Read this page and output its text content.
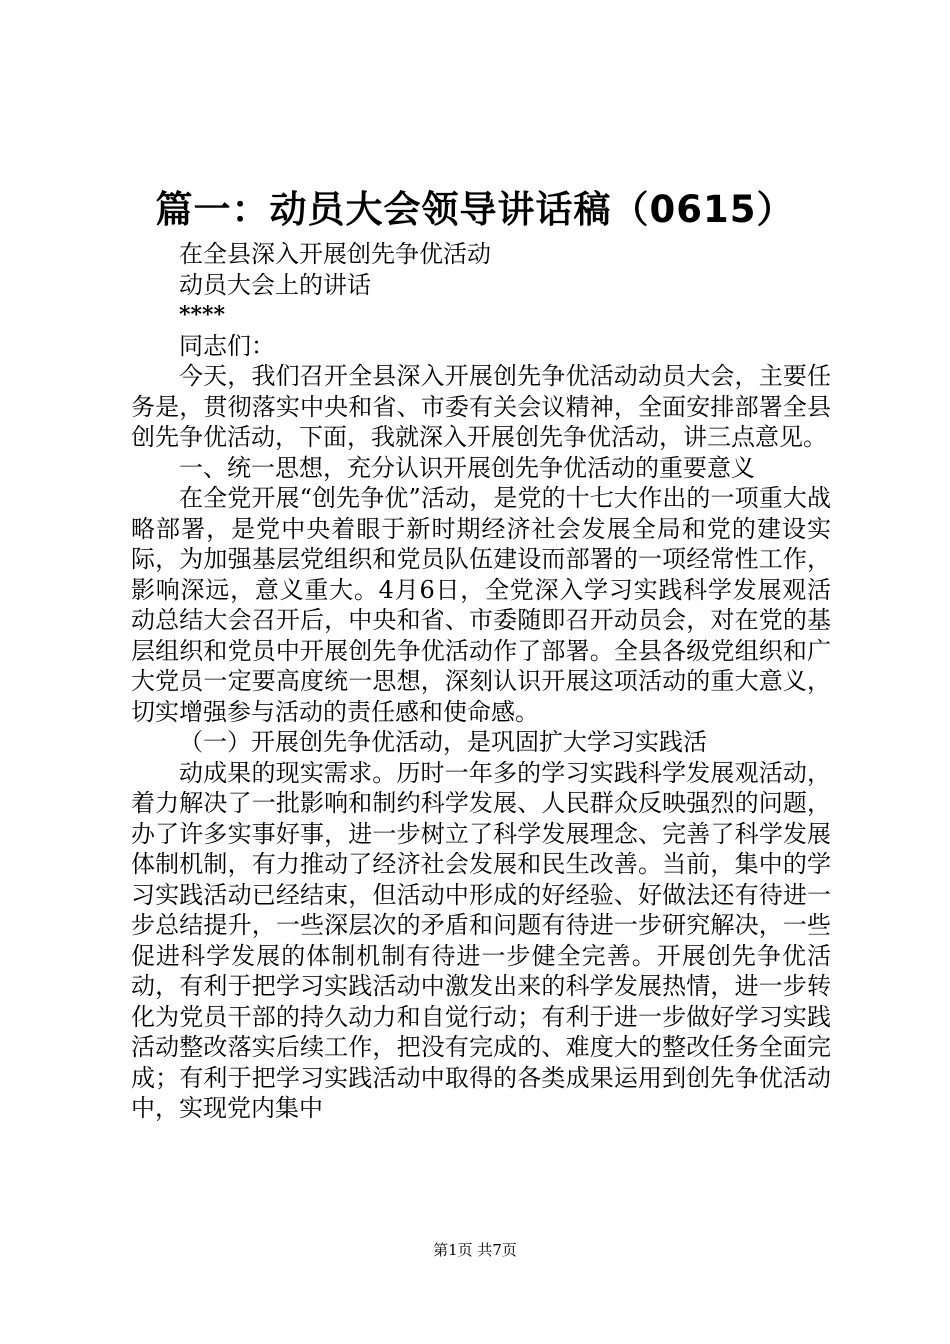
篇一：动员大会领导讲话稿（0615）

在全县深入开展创先争优活动

动员大会上的讲话

****

同志们：

今天，我们召开全县深入开展创先争优活动动员大会，主要任务是，贯彻落实中央和省、市委有关会议精神，全面安排部署全县创先争优活动，下面，我就深入开展创先争优活动，讲三点意见。

一、统一思想，充分认识开展创先争优活动的重要意义

在全党开展“创先争优”活动，是党的十七大作出的一项重大战略部署，是党中央着眼于新时期经济社会发展全局和党的建设实际，为加强基层党组织和党员队伍建设而部署的一项经常性工作，影响深远，意义重大。4月6日，全党深入学习实践科学发展观活动总结大会召开后，中央和省、市委随即召开动员会，对在党的基层组织和党员中开展创先争优活动作了部署。全县各级党组织和广大党员一定要高度统一思想，深刻认识开展这项活动的重大意义，切实增强参与活动的责任感和使命感。

（一）开展创先争优活动，是巩固扩大学习实践活

动成果的现实需求。历时一年多的学习实践科学发展观活动，着力解决了一批影响和制约科学发展、人民群众反映强烈的问题，办了许多实事好事，进一步树立了科学发展理念、完善了科学发展体制机制，有力推动了经济社会发展和民生改善。当前，集中的学习实践活动已经结束，但活动中形成的好经验、好做法还有待进一步总结提升，一些深层次的矛盾和问题有待进一步研究解决，一些促进科学发展的体制机制有待进一步健全完善。开展创先争优活动，有利于把学习实践活动中激发出来的科学发展热情，进一步转化为党员干部的持久动力和自觉行动；有利于进一步做好学习实践活动整改落实后续工作，把没有完成的、难度大的整改任务全面完成；有利于把学习实践活动中取得的各类成果运用到创先争优活动中，实现党内集中

第1页 共7页
